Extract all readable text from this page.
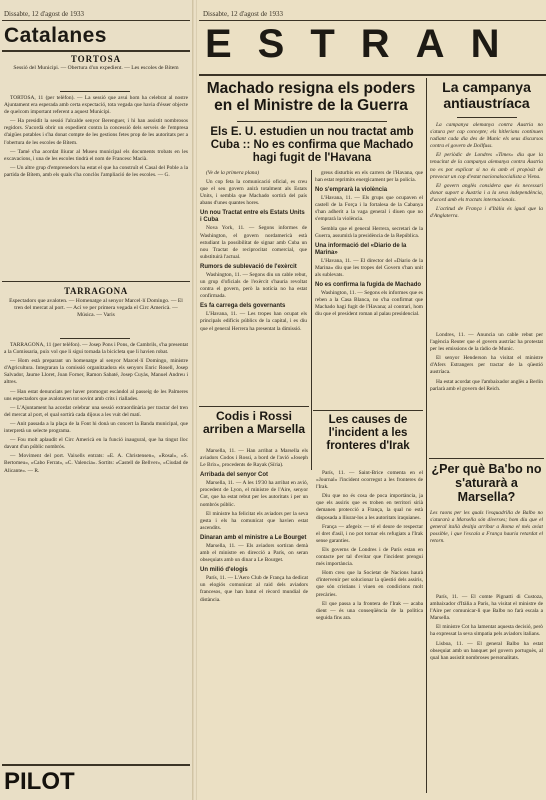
Dissabte, 12 d'agost de 1933
Catalanes
TORTOSA
Sessió del Municipi. — Obertura d'un expedient. — Les escoles de Bítem

TORTOSA, 11 (per telèfon). — La sessió que avui hom ha celebrat al nostre Ajuntament era esperada amb certa expectació, tota vegada que havia d'ésser objecte de quelcom important referent a aquest Municipi.

— Ha presidit la sessió l'alcalde senyor Berenguer, i hi han assistit nombrosos regidors. S'acordà obrir un expedient contra la concessió dels serveis de l'empresa d'aigües potables i s'ha donat compte de les gestions fetes prop de les autoritats per a l'obertura de les escoles de Bítem.

— Tamé s'ha acordat lliurar al Museu municipal els documents trobats en les excavacions, i una de les escoles tindrà el nom de Francesc Macià.

— Un altre grup d'emprenedors ha estat el que ha construït el Casal del Poble a la partida de Bítem, amb els quals s'ha conclòs l'ampliació de les escoles. — G.

TARRAGONA
Espectadors que avaloten. — Homenatge al senyor Marcel·lí Domingo. — El tren del mercat al port. — Ací ve per primera vegada el Circ Americà. — Música. — Varis

TARRAGONA, 11 (per telèfon). — Josep Pons i Pons, de Cambrils, s'ha presentat a la Comissaria, puix vol que li sigui tornada la bicicleta que li havien robat.

— Hom està preparant un homenatge al senyor Marcel·lí Domingo, ministre d'Agricultura. Integraran la comissió organitzadora els senyors Enric Rosell, Josep Salvador, Jaume Lloret, Joan Forner, Ramon Sabaté, Josep Cuyàs, Manuel Andreu i altres.

— Han estat denunciats per haver promogut escàndol al passeig de les Palmeres uns espectadors que avalotaven tot sovint amb crits i riallades.

— L'Ajuntament ha acordat celebrar una sessió extraordinària per tractar del tren del mercat al port, el qual sortirà cada dijous a les vuit del matí.

— Anit passada a la plaça de la Font hi donà un concert la Banda municipal, que interpretà un selecte programa.

— Fou molt aplaudit el Circ Americà en la funció inaugural, que ha tingut lloc davant d'un públic nombrós.

— Moviment del port. Vaixells entrats: «E. A. Christensen», «Rosal», «S. Bertomeu», «Cabo Ferrat», «C. Valencia». Sortits: «Castell de Bellver», «Ciudad de Alicante». — R.

PILOT
Dissabte, 12 d'agost de 1933
ESTRAN
Machado resigna els poders en el Ministre de la Guerra
Els E. U. estudien un nou tractat amb Cuba :: No es confirma que Machado hagi fugit de l'Havana

(Ve de la primera plana)

Un cop feta la comunicació oficial, es creu que el seu govern anirà totalment als Estats Units, i sembla que Machado sortirà del país abans d'unes quantes hores.

Un nou Tractat entre els Estats Units i Cuba

Nova York, 11. — Segons informes de Washington, el govern nordamericà està estudiant la possibilitat de signar amb Cuba un nou Tractat de reciprocitat comercial, que substituirà l'actual.

Rumors de sublevació de l'exèrcit

Washington, 11. — Segons diu un cable rebut, un grup d'oficials de l'exèrcit s'hauria revoltat contra el govern, però la notícia no ha estat confirmada.

Es fa carrega dels governants

L'Havana, 11. — Les tropes han ocupat els principals edificis públics de la capital, i es diu que el general Herrera ha presentat la dimissió.

greus disturbis en els carrers de l'Havana, que han estat reprimits energicament per la policia.

No s'emprarà la violència

L'Havana, 11. — Els grups que ocupaven el castell de la Força i la fortalesa de la Cabanya s'han adherit a la vaga general i diuen que no s'emprarà la violència.

Sembla que el general Herrera, secretari de la Guerra, assumirà la presidència de la República.

Una informació del «Diario de la Marina»

L'Havana, 11. — El director del «Diario de la Marina» diu que les tropes del Govern s'han unit als sublevats.

No es confirma la fugida de Machado

Washington, 11. — Segons els informes que es reben a la Casa Blanca, no s'ha confirmat que Machado hagi fugit de l'Havana; al contrari, hom diu que el president roman al palau presidencial.

Codis i Rossi arriben a Marsella

Marsella, 11. — Han arribat a Marsella els aviadors Codos i Rossi, a bord de l'avió «Joseph Le Brix», procedents de Rayak (Síria).

Arribada del senyor Cot

Marsella, 11. — A les 19'30 ha arribat en avió, procedent de Lyon, el ministre de l'Aire, senyor Cot, que ha estat rebut per les autoritats i per un nombrós públic.

El ministre ha felicitat els aviadors per la seva gesta i els ha comunicat que havien estat ascendits.

Dinaran amb el ministre a Le Bourget

Marsella, 11. — Els aviadors sortiran demà amb el ministre en direcció a París, on seran obsequiats amb un dinar a Le Bourget.

Un milió d'elogis

París, 11. — L'Aero Club de França ha dedicat un elogiós comunicat al raid dels aviadors francesos, que han batut el rècord mundial de distància.

Les causes de l'incident a les fronteres d'Irak

París, 11. — Saint-Brice comenta en el «Journal» l'incident ocorregut a les fronteres de l'Irak.

Diu que no és cosa de poca importància, ja que els assiris que es troben en territori sirià demanen protecció a França, la qual no està disposada a lliurar-los a les autoritats iraquianes.

França — afegeix — té el deure de respectar el dret d'asil, i no pot tornar els refugiats a l'Irak sense garanties.

Els governs de Londres i de París estan en contacte per tal d'evitar que l'incident prengui més importància.

Hom creu que la Societat de Nacions haurà d'intervenir per solucionar la qüestió dels assiris, que són cristians i viuen en condicions molt precàries.

El que passa a la frontera de l'Irak — acaba dient — és una conseqüència de la política seguida fins ara.

La campanya antiaustríaca

La campanya alemanya contra Àustria no s'atura per cap concepte; els hitlerians continuen radiant cada dia des de Munic els seus discursos contra el govern de Dollfuss.

El periòdic de Londres «Times» diu que la tenacitat de la campanya alemanya contra Àustria no es pot explicar si no és amb el propòsit de provocar un cop d'estat nacionalsocialista a Viena.

El govern anglès considera que és necessari donar suport a Àustria i a la seva independència, d'acord amb els tractats internacionals.

L'actitud de França i d'Itàlia és igual que la d'Anglaterra.

Londres, 11. — Anuncia un cable rebut per l'agència Reuter que el govern austríac ha protestat per les emissions de la ràdio de Munic.

El senyor Henderson ha visitat el ministre d'Afers Estrangers per tractar de la qüestió austríaca.

Ha estat acordat que l'ambaixador anglès a Berlín parlarà amb el govern del Reich.

¿Per què Ba'bo no s'aturarà a Marsella?
Les raons per les quals l'esquadrilla de Balbo no s'aturarà a Marsella són diverses; hom diu que el general italià desitja arribar a Roma el més aviat possible, i que l'escala a França hauria retardat el retorn.

París, 11. — El comte Pignatti di Custoza, ambaixador d'Itàlia a París, ha visitat el ministre de l'Aire per comunicar-li que Balbo no farà escala a Marsella.

El ministre Cot ha lamentat aquesta decisió, però ha expressat la seva simpatia pels aviadors italians.

Lisboa, 11. — El general Balbo ha estat obsequiat amb un banquet pel govern portuguès, al qual han assistit nombroses personalitats.
